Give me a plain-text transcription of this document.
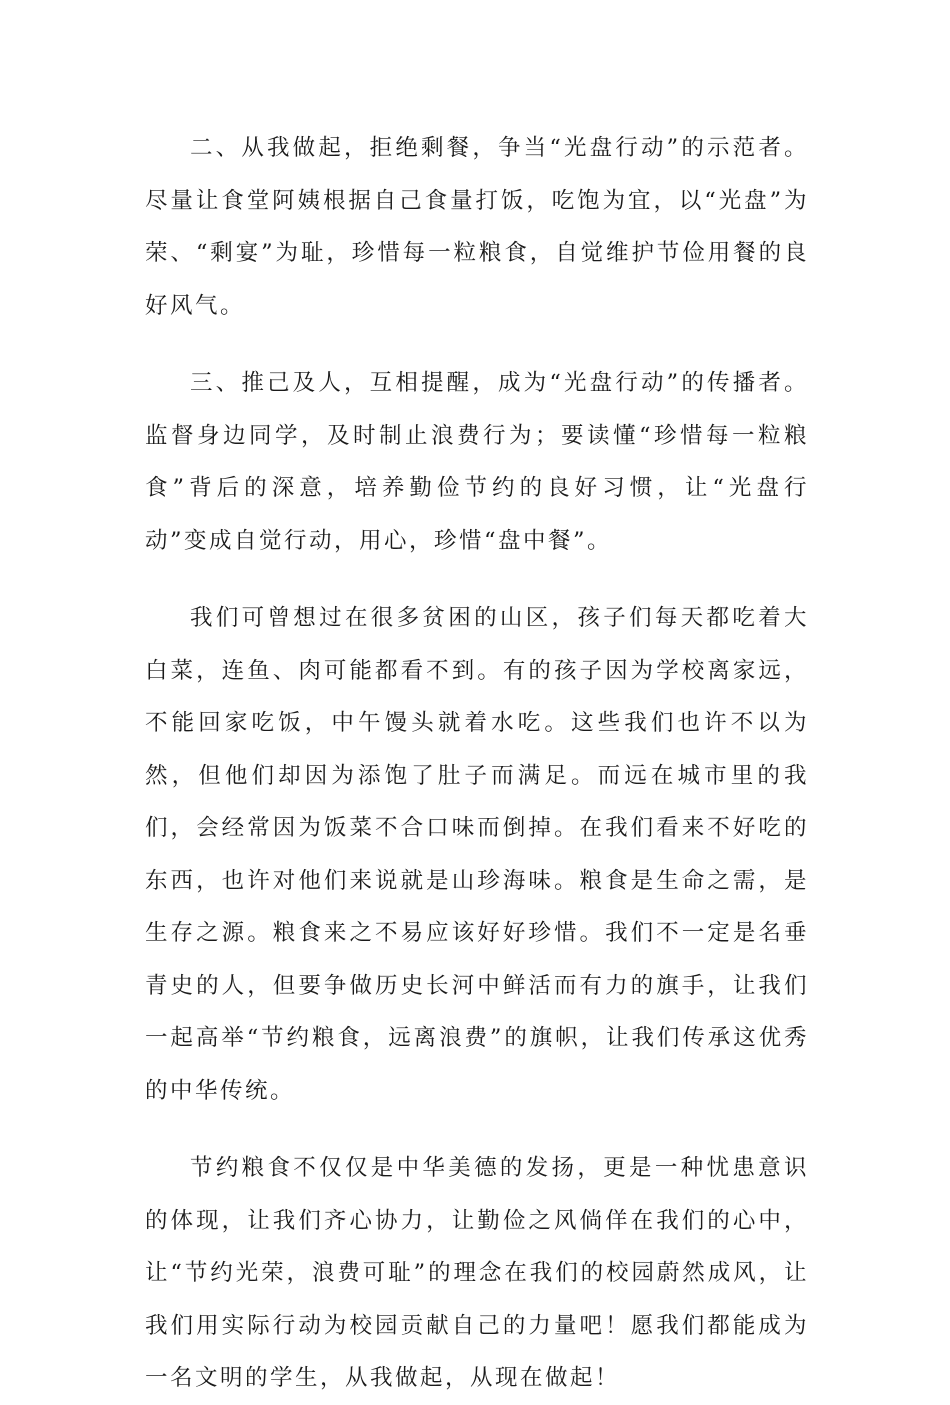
二、从我做起，拒绝剩餐，争当“光盘行动”的示范者。尽量让食堂阿姨根据自己食量打饭，吃饱为宜，以“光盘”为荣、“剩宴”为耻，珍惜每一粒粮食，自觉维护节俭用餐的良好风气。

三、推己及人，互相提醒，成为“光盘行动”的传播者。监督身边同学，及时制止浪费行为；要读懂“珍惜每一粒粮食”背后的深意，培养勤俭节约的良好习惯，让“光盘行动”变成自觉行动，用心，珍惜“盘中餐”。

我们可曾想过在很多贫困的山区，孩子们每天都吃着大白菜，连鱼、肉可能都看不到。有的孩子因为学校离家远，不能回家吃饭，中午馒头就着水吃。这些我们也许不以为然，但他们却因为添饱了肚子而满足。而远在城市里的我们，会经常因为饭菜不合口味而倒掉。在我们看来不好吃的东西，也许对他们来说就是山珍海味。粮食是生命之需，是生存之源。粮食来之不易应该好好珍惜。我们不一定是名垂青史的人，但要争做历史长河中鲜活而有力的旗手，让我们一起高举“节约粮食，远离浪费”的旗帜，让我们传承这优秀的中华传统。

节约粮食不仅仅是中华美德的发扬，更是一种忧患意识的体现，让我们齐心协力，让勤俭之风倘佯在我们的心中，让“节约光荣，浪费可耻”的理念在我们的校园蔚然成风，让我们用实际行动为校园贡献自己的力量吧！愿我们都能成为一名文明的学生，从我做起，从现在做起！
